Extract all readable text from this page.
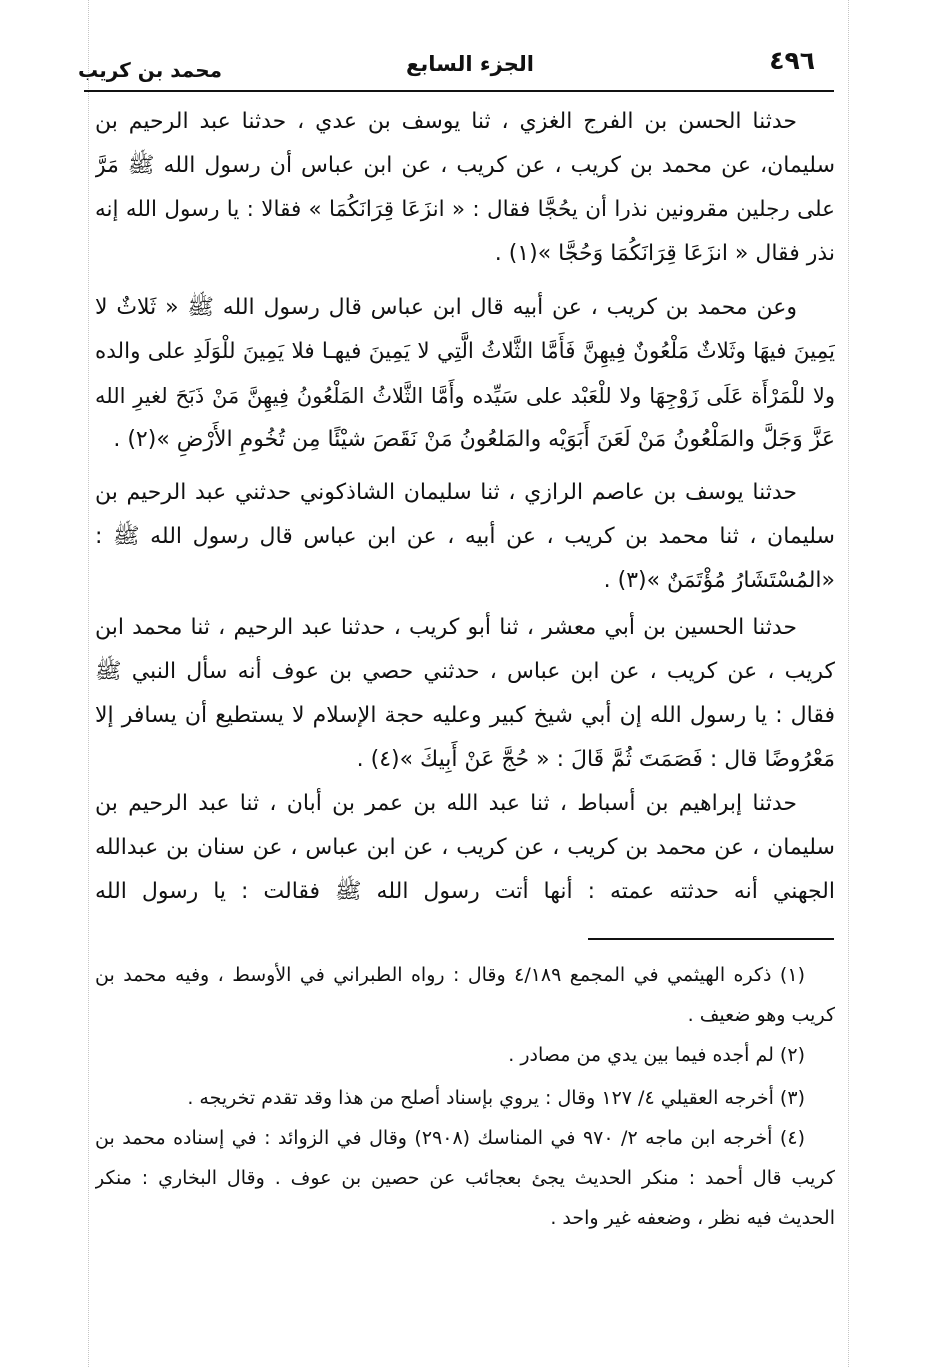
٤٩٦
الجزء السابع
محمد بن كريب
حدثنا الحسن بن الفرج الغزي ، ثنا يوسف بن عدي ، حدثنا عبد الرحيم بن
سليمان، عن محمد بن كريب ، عن كريب ، عن ابن عباس أن رسول الله ﷺ مَرَّ
على رجلين مقرونين نذرا أن يحُجَّا فقال : « انزَعَا قِرَانَكُمَا » فقالا : يا رسول الله إنه
نذر فقال « انزَعَا قِرَانَكُمَا وَحُجَّا »(١) .
وعن محمد بن كريب ، عن أبيه قال ابن عباس قال رسول الله ﷺ « ثَلاثٌ لا
يَمِينَ فيهَا وثَلاثٌ مَلْعُونٌ فِيهِنَّ فَأَمَّا الثَّلاثُ الَّتِي لا يَمِينَ فيهـا فلا يَمِينَ للْوَلَدِ على والده
ولا للْمَرْأَة عَلَى زَوْجِهَا ولا للْعَبْد على سَيِّده وأَمَّا الثَّلاثُ المَلْعُونُ فِيهِنَّ مَنْ ذَبَحَ لغيرِ الله
عَزَّ وَجَلَّ والمَلْعُونُ مَنْ لَعَنَ أَبَوَيْه والمَلعُونُ مَنْ نَقَصَ شيْئًا مِن تُخُومِ الأَرْضِ »(٢) .
حدثنا يوسف بن عاصم الرازي ، ثنا سليمان الشاذكوني حدثني عبد الرحيم بن
سليمان ، ثنا محمد بن كريب ، عن أبيه ، عن ابن عباس قال رسول الله ﷺ :
«المُسْتَشَارُ مُؤْتَمَنٌ »(٣) .
حدثنا الحسين بن أبي معشر ، ثنا أبو كريب ، حدثنا عبد الرحيم ، ثنا محمد ابن
كريب ، عن كريب ، عن ابن عباس ، حدثني حصي بن عوف أنه سأل النبي ﷺ
فقال : يا رسول الله إن أبي شيخ كبير وعليه حجة الإسلام لا يستطيع أن يسافر إلا
مَعْرُوضًا قال : فَصَمَتَ ثُمَّ قَالَ : « حُجَّ عَنْ أَبِيكَ »(٤) .
حدثنا إبراهيم بن أسباط ، ثنا عبد الله بن عمر بن أبان ، ثنا عبد الرحيم بن
سليمان ، عن محمد بن كريب ، عن كريب ، عن ابن عباس ، عن سنان بن عبدالله
الجهني أنه حدثته عمته : أنها أتت رسول الله ﷺ فقالت : يا رسول الله
(١) ذكره الهيثمي في المجمع ٤/١٨٩ وقال : رواه الطبراني في الأوسط ، وفيه محمد بن
كريب وهو ضعيف .
(٢) لم أجده فيما بين يدي من مصادر .
(٣) أخرجه العقيلي ٤/ ١٢٧ وقال : يروي بإسناد أصلح من هذا وقد تقدم تخريجه .
(٤) أخرجه ابن ماجه ٢/ ٩٧٠ في المناسك (٢٩٠٨) وقال في الزوائد : في إسناده محمد بن
كريب قال أحمد : منكر الحديث يجئ بعجائب عن حصين بن عوف . وقال البخاري : منكر
الحديث فيه نظر ، وضعفه غير واحد .
